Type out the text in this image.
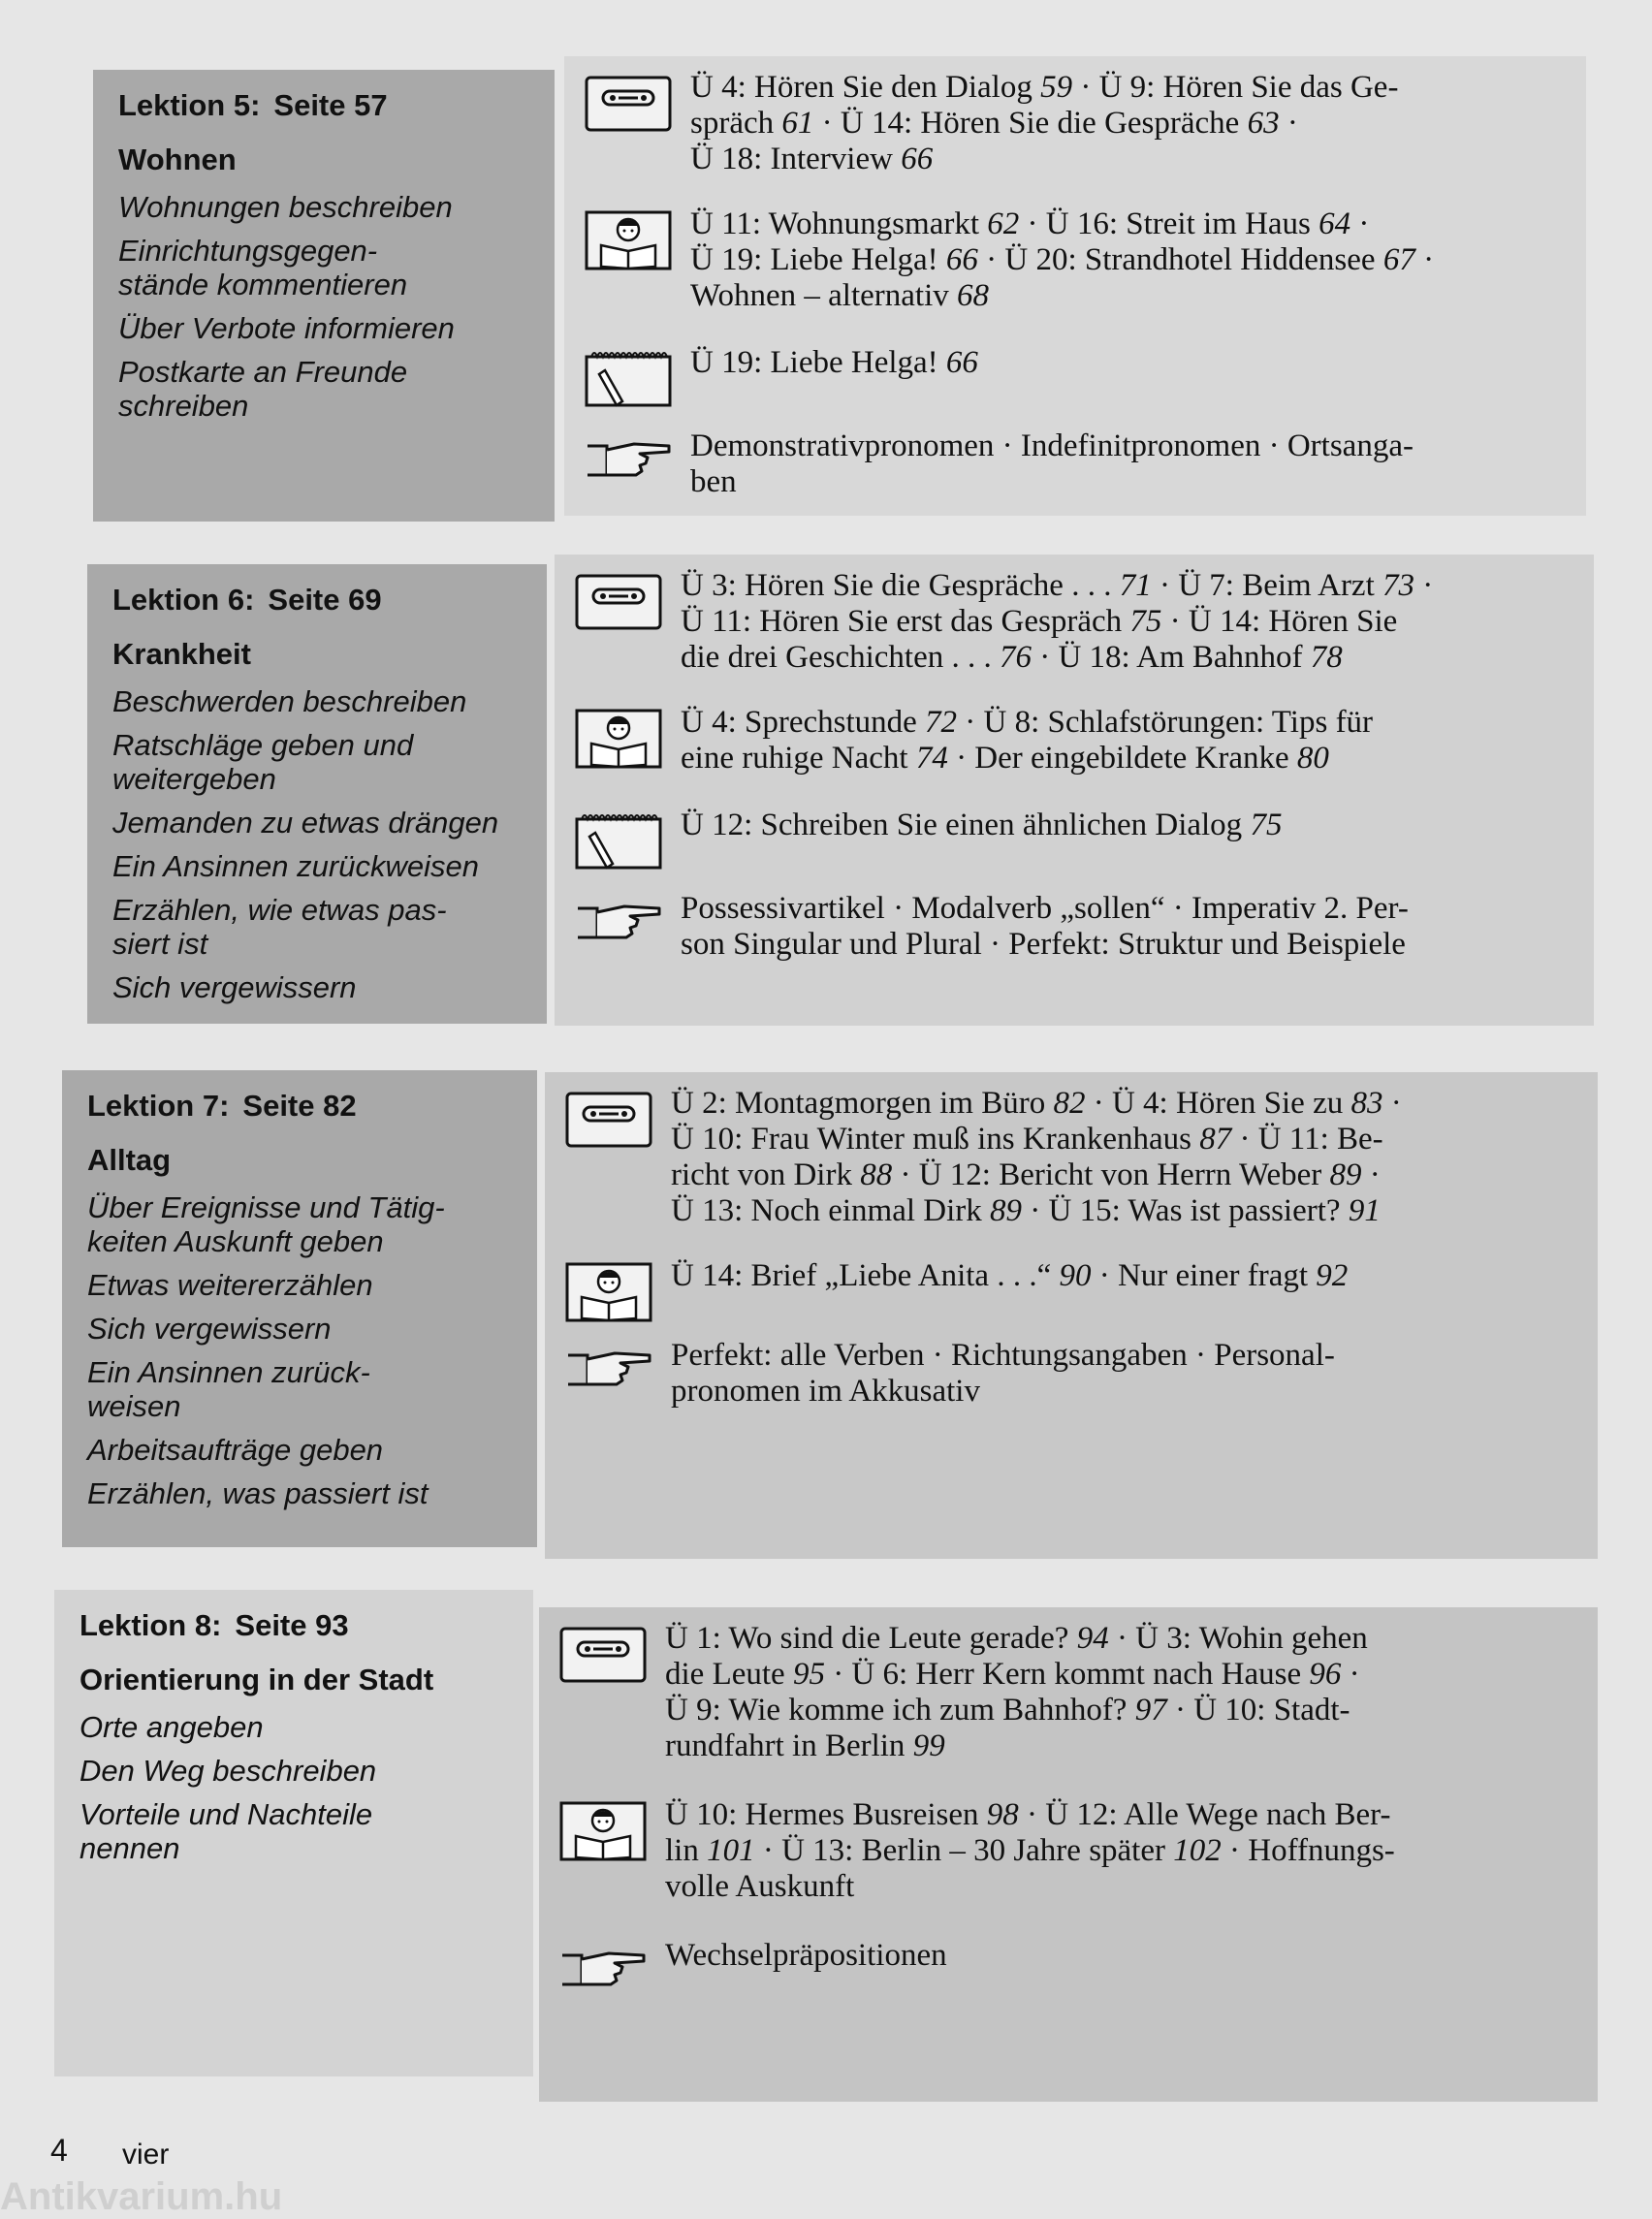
Lektion 5: Seite 57
Wohnen
Wohnungen beschreiben
Einrichtungsgegen-
stände kommentieren
Über Verbote informieren
Postkarte an Freunde
schreiben
Ü 4: Hören Sie den Dialog 59 · Ü 9: Hören Sie das Ge-
spräch 61 · Ü 14: Hören Sie die Gespräche 63 ·
Ü 18: Interview 66
Ü 11: Wohnungsmarkt 62 · Ü 16: Streit im Haus 64 ·
Ü 19: Liebe Helga! 66 · Ü 20: Strandhotel Hiddensee 67 ·
Wohnen – alternativ 68
Ü 19: Liebe Helga! 66
Demonstrativpronomen · Indefinitpronomen · Ortsanga-
ben
Lektion 6: Seite 69
Krankheit
Beschwerden beschreiben
Ratschläge geben und
weitergeben
Jemanden zu etwas drängen
Ein Ansinnen zurückweisen
Erzählen, wie etwas pas-
siert ist
Sich vergewissern
Ü 3: Hören Sie die Gespräche . . . 71 · Ü 7: Beim Arzt 73 ·
Ü 11: Hören Sie erst das Gespräch 75 · Ü 14: Hören Sie
die drei Geschichten . . . 76 · Ü 18: Am Bahnhof 78
Ü 4: Sprechstunde 72 · Ü 8: Schlafstörungen: Tips für
eine ruhige Nacht 74 · Der eingebildete Kranke 80
Ü 12: Schreiben Sie einen ähnlichen Dialog 75
Possessivartikel · Modalverb „sollen“ · Imperativ 2. Per-
son Singular und Plural · Perfekt: Struktur und Beispiele
Lektion 7: Seite 82
Alltag
Über Ereignisse und Tätig-
keiten Auskunft geben
Etwas weitererzählen
Sich vergewissern
Ein Ansinnen zurück-
weisen
Arbeitsaufträge geben
Erzählen, was passiert ist
Ü 2: Montagmorgen im Büro 82 · Ü 4: Hören Sie zu 83 ·
Ü 10: Frau Winter muß ins Krankenhaus 87 · Ü 11: Be-
richt von Dirk 88 · Ü 12: Bericht von Herrn Weber 89 ·
Ü 13: Noch einmal Dirk 89 · Ü 15: Was ist passiert? 91
Ü 14: Brief „Liebe Anita . . .“ 90 · Nur einer fragt 92
Perfekt: alle Verben · Richtungsangaben · Personal-
pronomen im Akkusativ
Lektion 8: Seite 93
Orientierung in der Stadt
Orte angeben
Den Weg beschreiben
Vorteile und Nachteile
nennen
Ü 1: Wo sind die Leute gerade? 94 · Ü 3: Wohin gehen
die Leute 95 · Ü 6: Herr Kern kommt nach Hause 96 ·
Ü 9: Wie komme ich zum Bahnhof? 97 · Ü 10: Stadt-
rundfahrt in Berlin 99
Ü 10: Hermes Busreisen 98 · Ü 12: Alle Wege nach Ber-
lin 101 · Ü 13: Berlin – 30 Jahre später 102 · Hoffnungs-
volle Auskunft
Wechselpräpositionen
4 vier
Antikvarium.hu
